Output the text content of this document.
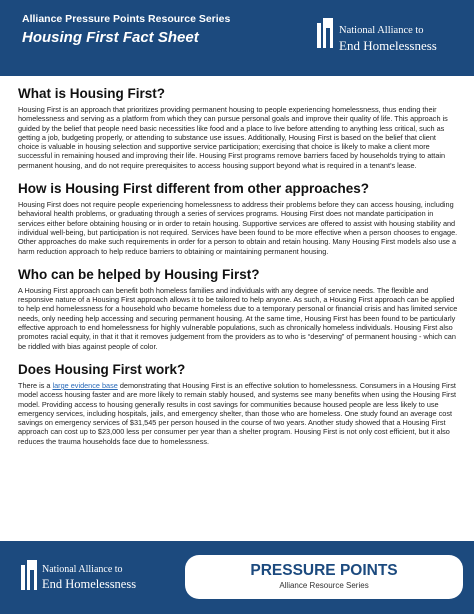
Alliance Pressure Points Resource Series
Housing First Fact Sheet	National Alliance to
End Homelessness
What is Housing First?

Housing First is an approach that prioritizes providing permanent housing to people experiencing homelessness, thus ending their homelessness and serving as a platform from which they can pursue personal goals and improve their quality of life. This approach is guided by the belief that people need basic necessities like food and a place to live before attending to anything less critical, such as getting a job, budgeting properly, or attending to substance use issues. Additionally, Housing First is based on the belief that client choice is valuable in housing selection and supportive service participation; exercising that choice is likely to make a client more successful in remaining housed and improving their life. Housing First programs remove barriers faced by households trying to attain permanent housing, and do not require prerequisites to access housing support beyond what is required in a tenant’s lease.

How is Housing First different from other approaches?

Housing First does not require people experiencing homelessness to address their problems before they can access housing, including behavioral health problems, or graduating through a series of services programs. Housing First does not mandate participation in services either before obtaining housing or in order to retain housing. Supportive services are offered to assist with housing stability and individual well-being, but participation is not required. Services have been found to be more effective when a person chooses to engage. Other approaches do make such requirements in order for a person to obtain and retain housing. Many Housing First models also use a harm reduction approach to help reduce barriers to obtaining or maintaining permanent housing.

Who can be helped by Housing First?

A Housing First approach can benefit both homeless families and individuals with any degree of service needs. The flexible and responsive nature of a Housing First approach allows it to be tailored to help anyone. As such, a Housing First approach can be applied to help end homelessness for a household who became homeless due to a temporary personal or financial crisis and has limited service needs, only needing help accessing and securing permanent housing. At the same time, Housing First has been found to be particularly effective approach to end homelessness for highly vulnerable populations, such as chronically homeless individuals. Housing First also promotes racial equity, in that it that it removes judgement from the providers as to who is “deserving” of permanent housing - which can be riddled with bias against people of color.

Does Housing First work?

There is a large evidence base demonstrating that Housing First is an effective solution to homelessness. Consumers in a Housing First model access housing faster and are more likely to remain stably housed, and systems see many benefits when using the Housing First model. Providing access to housing generally results in cost savings for communities because housed people are less likely to use emergency services, including hospitals, jails, and emergency shelter, than those who are homeless. One study found an average cost savings on emergency services of $31,545 per person housed in the course of two years. Another study showed that a Housing First approach can cost up to $23,000 less per consumer per year than a shelter program. Housing First is not only cost efficient, but it also reduces the trauma households face due to homelessness.

National Alliance to
End Homelessness
PRESSURE POINTS
Alliance Resource Series
